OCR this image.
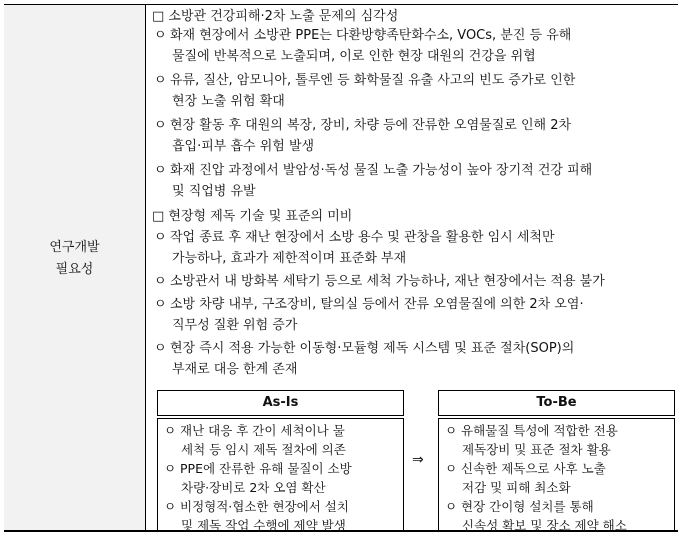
연구개발
필요성
□ 소방관 건강피해·2차 노출 문제의 심각성
ㅇ 화재 현장에서 소방관 PPE는 다환방향족탄화수소, VOCs, 분진 등 유해
물질에 반복적으로 노출되며, 이로 인한 현장 대원의 건강을 위협
ㅇ 유류, 질산, 암모니아, 톨루엔 등 화학물질 유출 사고의 빈도 증가로 인한
현장 노출 위험 확대
ㅇ 현장 활동 후 대원의 복장, 장비, 차량 등에 잔류한 오염물질로 인해 2차
흡입·피부 흡수 위험 발생
ㅇ 화재 진압 과정에서 발암성·독성 물질 노출 가능성이 높아 장기적 건강 피해
및 직업병 유발
□ 현장형 제독 기술 및 표준의 미비
ㅇ 작업 종료 후 재난 현장에서 소방 용수 및 관창을 활용한 임시 세척만
가능하나, 효과가 제한적이며 표준화 부재
ㅇ 소방관서 내 방화복 세탁기 등으로 세척 가능하나, 재난 현장에서는 적용 불가
ㅇ 소방 차량 내부, 구조장비, 탈의실 등에서 잔류 오염물질에 의한 2차 오염·
직무성 질환 위험 증가
ㅇ 현장 즉시 적용 가능한 이동형·모듈형 제독 시스템 및 표준 절차(SOP)의
부재로 대응 한계 존재
As-Is
ㅇ 재난 대응 후 간이 세척이나 물
세척 등 임시 제독 절차에 의존
ㅇ PPE에 잔류한 유해 물질이 소방
차량·장비로 2차 오염 확산
ㅇ 비정형적·협소한 현장에서 설치
및 제독 작업 수행에 제약 발생
⇒
To-Be
ㅇ 유해물질 특성에 적합한 전용
제독장비 및 표준 절차 활용
ㅇ 신속한 제독으로 사후 노출
저감 및 피해 최소화
ㅇ 현장 간이형 설치를 통해
신속성 확보 및 장소 제약 해소
